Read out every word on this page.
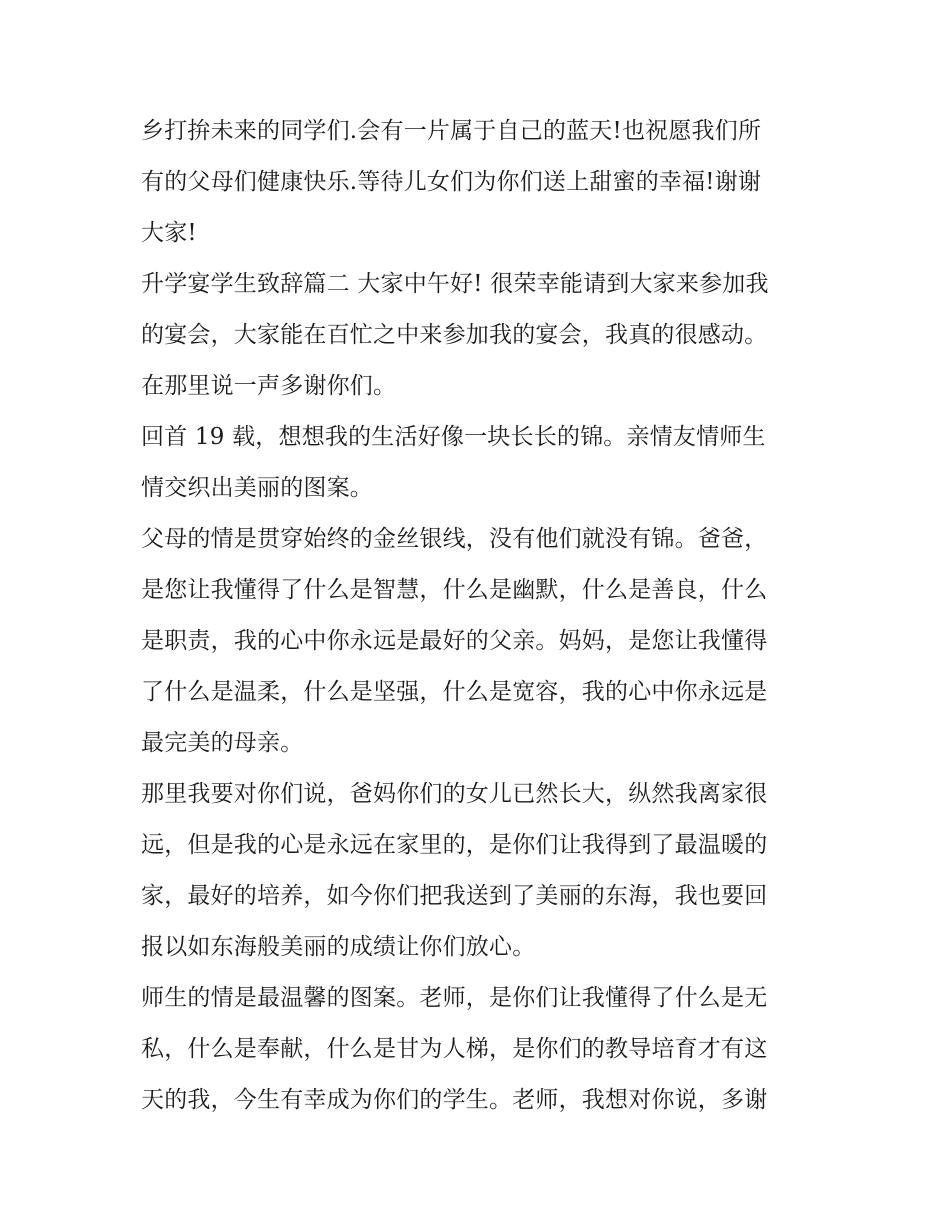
乡打拚未来的同学们.会有一片属于自己的蓝天!也祝愿我们所
有的父母们健康快乐.等待儿女们为你们送上甜蜜的幸福!谢谢
大家!
升学宴学生致辞篇二 大家中午好! 很荣幸能请到大家来参加我
的宴会，大家能在百忙之中来参加我的宴会，我真的很感动。
在那里说一声多谢你们。
回首 19 载，想想我的生活好像一块长长的锦。亲情友情师生
情交织出美丽的图案。
父母的情是贯穿始终的金丝银线，没有他们就没有锦。爸爸，
是您让我懂得了什么是智慧，什么是幽默，什么是善良，什么
是职责，我的心中你永远是最好的父亲。妈妈，是您让我懂得
了什么是温柔，什么是坚强，什么是宽容，我的心中你永远是
最完美的母亲。
那里我要对你们说，爸妈你们的女儿已然长大，纵然我离家很
远，但是我的心是永远在家里的，是你们让我得到了最温暖的
家，最好的培养，如今你们把我送到了美丽的东海，我也要回
报以如东海般美丽的成绩让你们放心。
师生的情是最温馨的图案。老师，是你们让我懂得了什么是无
私，什么是奉献，什么是甘为人梯，是你们的教导培育才有这
天的我，今生有幸成为你们的学生。老师，我想对你说，多谢
